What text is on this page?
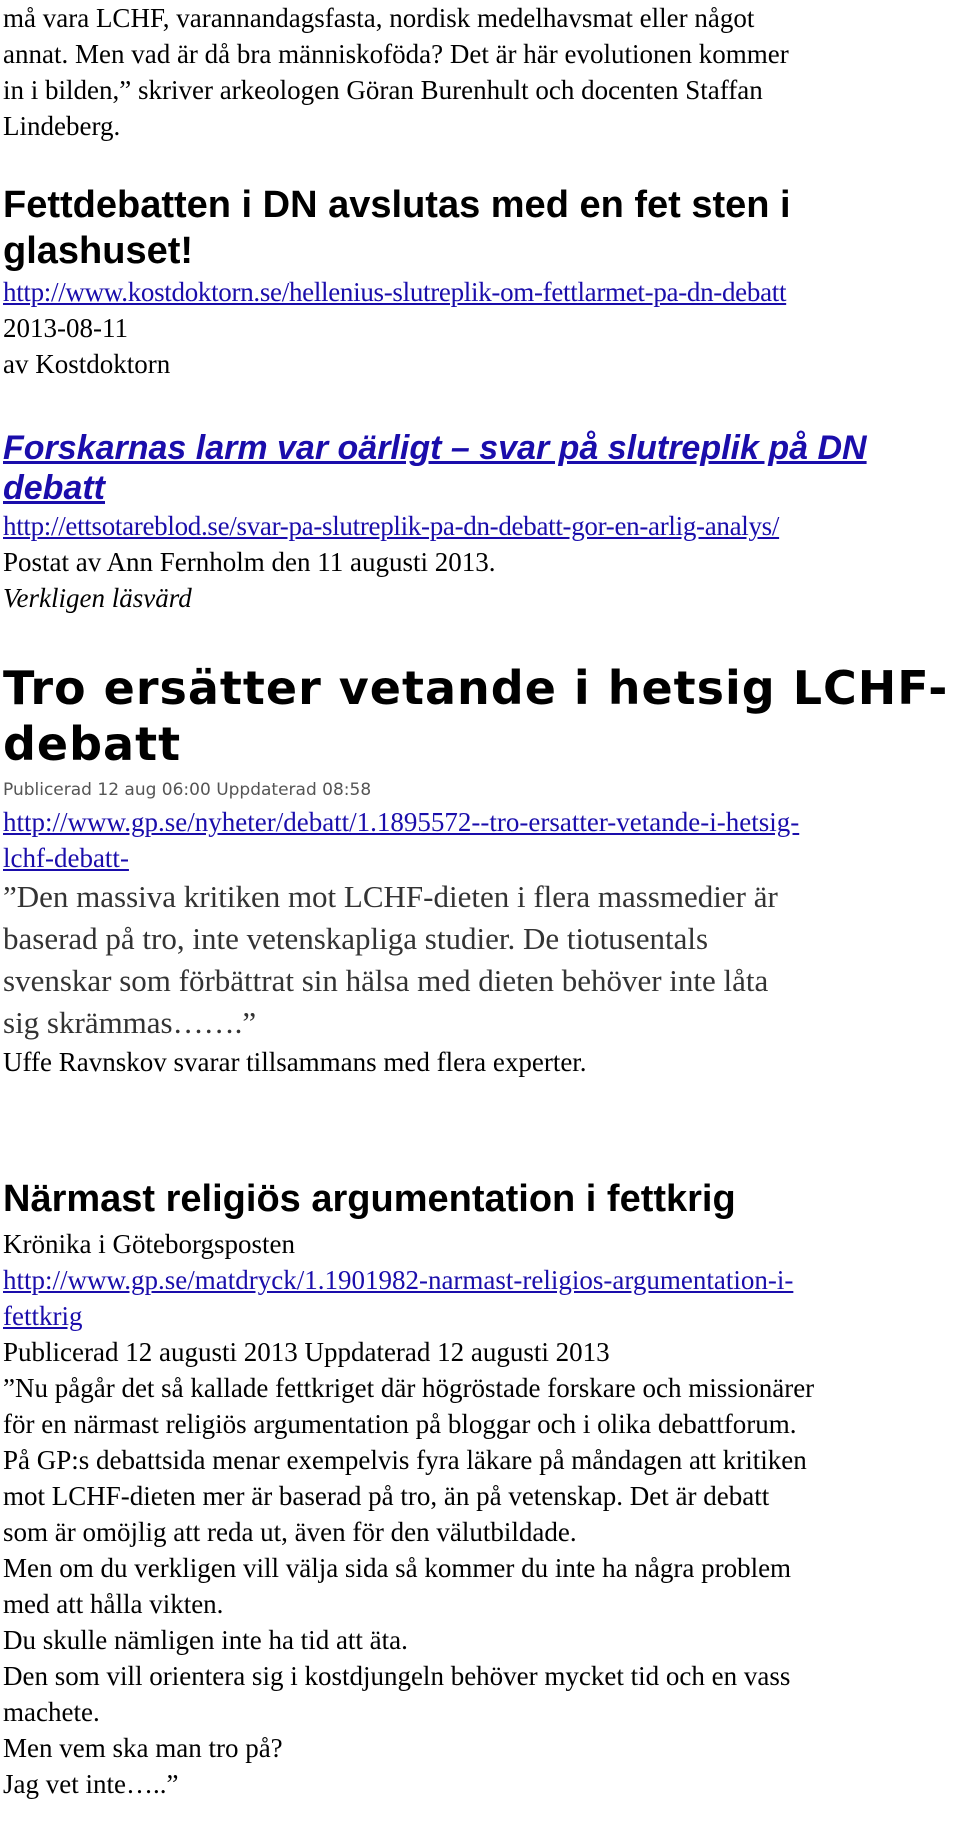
må vara LCHF, varannandagsfasta, nordisk medelhavsmat eller något
annat. Men vad är då bra människoföda? Det är här evolutionen kommer
in i bilden,” skriver arkeologen Göran Burenhult och docenten Staffan
Lindeberg.
Fettdebatten i DN avslutas med en fet sten i
glashuset!
http://www.kostdoktorn.se/hellenius-slutreplik-om-fettlarmet-pa-dn-debatt
2013-08-11
av Kostdoktorn
Forskarnas larm var oärligt – svar på slutreplik på DN
debatt
http://ettsotareblod.se/svar-pa-slutreplik-pa-dn-debatt-gor-en-arlig-analys/
Postat av Ann Fernholm den 11 augusti 2013.
Verkligen läsvärd
Tro ersätter vetande i hetsig LCHF-
debatt
Publicerad 12 aug 06:00 Uppdaterad 08:58
http://www.gp.se/nyheter/debatt/1.1895572--tro-ersatter-vetande-i-hetsig-
lchf-debatt-
”Den massiva kritiken mot LCHF-dieten i flera massmedier är
baserad på tro, inte vetenskapliga studier. De tiotusentals
svenskar som förbättrat sin hälsa med dieten behöver inte låta
sig skrämmas…….”
Uffe Ravnskov svarar tillsammans med flera experter.
Närmast religiös argumentation i fettkrig
Krönika i Göteborgsposten
http://www.gp.se/matdryck/1.1901982-narmast-religios-argumentation-i-
fettkrig
Publicerad 12 augusti 2013 Uppdaterad 12 augusti 2013
”Nu pågår det så kallade fettkriget där högröstade forskare och missionärer
för en närmast religiös argumentation på bloggar och i olika debattforum.
På GP:s debattsida menar exempelvis fyra läkare på måndagen att kritiken
mot LCHF-dieten mer är baserad på tro, än på vetenskap. Det är debatt
som är omöjlig att reda ut, även för den välutbildade.
Men om du verkligen vill välja sida så kommer du inte ha några problem
med att hålla vikten.
Du skulle nämligen inte ha tid att äta.
Den som vill orientera sig i kostdjungeln behöver mycket tid och en vass
machete.
Men vem ska man tro på?
Jag vet inte…..”
